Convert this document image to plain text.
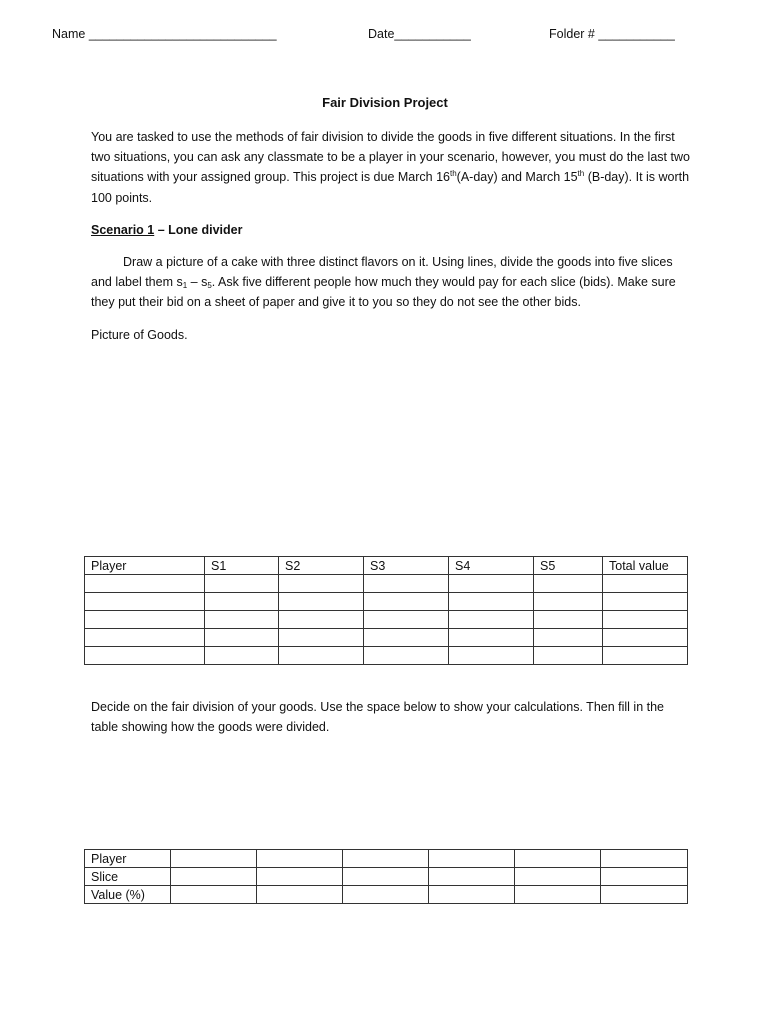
Name ___________________________	Date___________	Folder # ___________
Fair Division Project
You are tasked to use the methods of fair division to divide the goods in five different situations. In the first two situations, you can ask any classmate to be a player in your scenario, however, you must do the last two situations with your assigned group. This project is due March 16th(A-day) and March 15th (B-day). It is worth 100 points.
Scenario 1 – Lone divider
Draw a picture of a cake with three distinct flavors on it. Using lines, divide the goods into five slices and label them $s_1 - s_5$. Ask five different people how much they would pay for each slice (bids). Make sure they put their bid on a sheet of paper and give it to you so they do not see the other bids.
Picture of Goods.
Player	S1	S2	S3	S4	S5	Total value

Decide on the fair division of your goods. Use the space below to show your calculations. Then fill in the table showing how the goods were divided.
Player						
Slice						
Value (%)						
